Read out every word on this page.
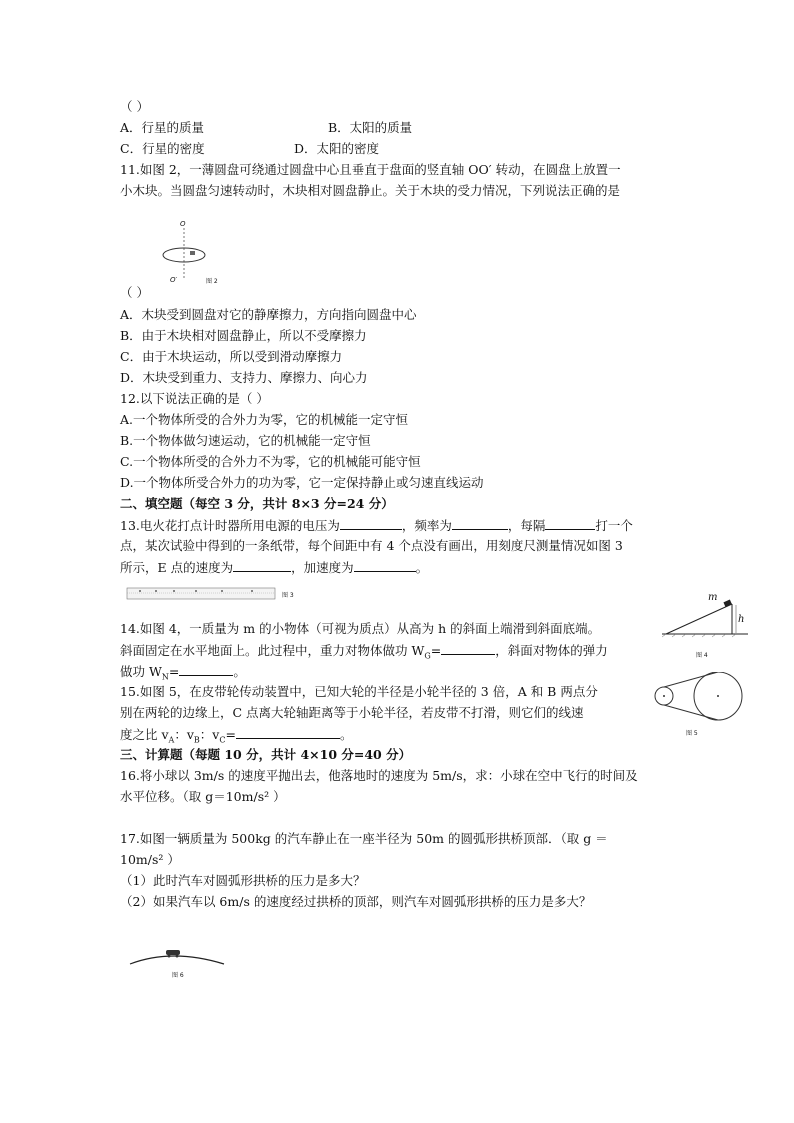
（ ）
A．行星的质量	B．太阳的质量
C．行星的密度	D．太阳的密度
11.如图 2，一薄圆盘可绕通过圆盘中心且垂直于盘面的竖直轴 OO′ 转动，在圆盘上放置一
小木块。当圆盘匀速转动时，木块相对圆盘静止。关于木块的受力情况，下列说法正确的是
O
O′	图 2
（ ）
A．木块受到圆盘对它的静摩擦力，方向指向圆盘中心
B．由于木块相对圆盘静止，所以不受摩擦力
C．由于木块运动，所以受到滑动摩擦力
D．木块受到重力、支持力、摩擦力、向心力
12.以下说法正确的是（ ）
A.一个物体所受的合外力为零，它的机械能一定守恒
B.一个物体做匀速运动，它的机械能一定守恒
C.一个物体所受的合外力不为零，它的机械能可能守恒
D.一个物体所受合外力的功为零，它一定保持静止或匀速直线运动
二、填空题（每空 3 分，共计 8×3 分=24 分）
13.电火花打点计时器所用电源的电压为	，频率为	，每隔	打一个
点，某次试验中得到的一条纸带，每个间距中有 4 个点没有画出，用刻度尺测量情况如图 3
所示，E 点的速度为	，加速度为	。
图 3
14.如图 4，一质量为 m 的小物体（可视为质点）从高为 h 的斜面上端滑到斜面底端。
斜面固定在水平地面上。此过程中，重力对物体做功 $W_G=$	，斜面对物体的弹力
做功 $W_N=$	。
m
h
图 4
15.如图 5，在皮带轮传动装置中，已知大轮的半径是小轮半径的 3 倍，A 和 B 两点分
别在两轮的边缘上，C 点离大轮轴距离等于小轮半径，若皮带不打滑，则它们的线速
度之比 $v_A$：$v_B$：$v_C=$	。	图 5
三、计算题（每题 10 分，共计 4×10 分=40 分）
16.将小球以 3m/s 的速度平抛出去，他落地时的速度为 5m/s，求：小球在空中飞行的时间及
水平位移。（取 g＝10m/s² ）
17.如图一辆质量为 500kg 的汽车静止在一座半径为 50m 的圆弧形拱桥顶部．（取 g ＝
10m/s² ）
（1）此时汽车对圆弧形拱桥的压力是多大？
（2）如果汽车以 6m/s 的速度经过拱桥的顶部，则汽车对圆弧形拱桥的压力是多大？
图 6
